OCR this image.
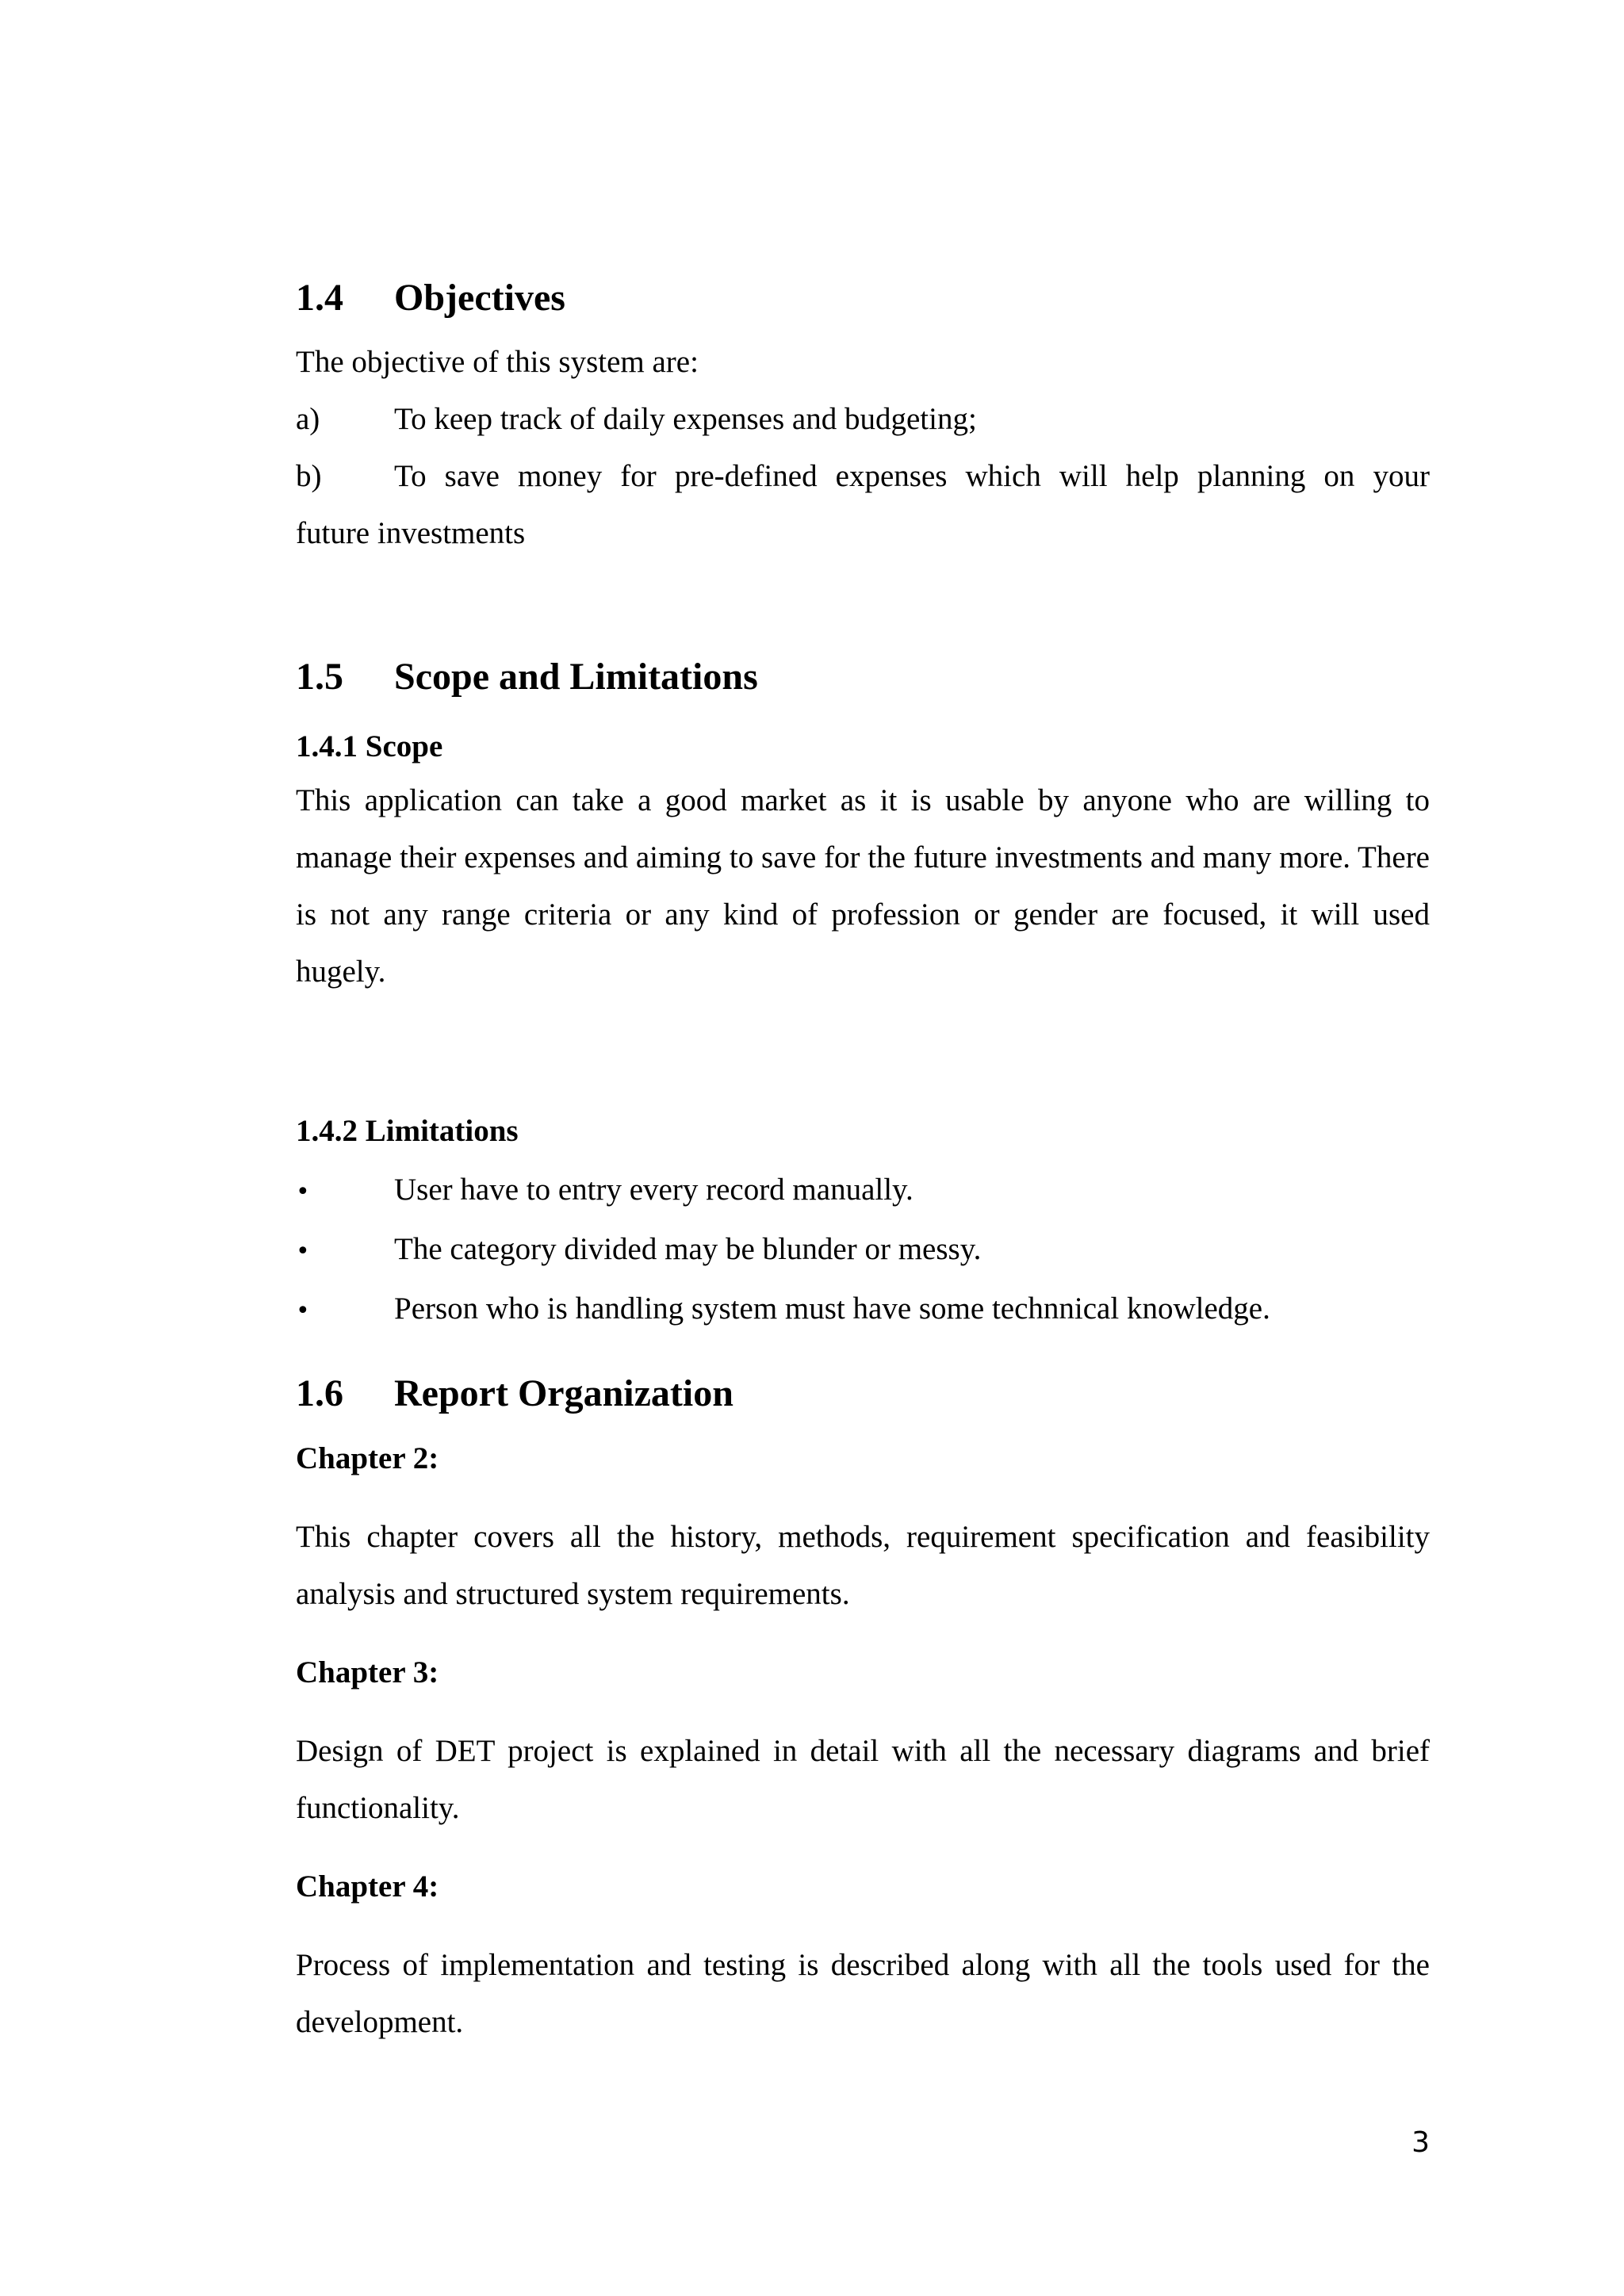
1.4 Objectives

The objective of this system are:

a) To keep track of daily expenses and budgeting;

b) To save money for pre-defined expenses which will help planning on your

future investments

1.5 Scope and Limitations
1.4.1 Scope

This application can take a good market as it is usable by anyone who are willing to manage their expenses and aiming to save for the future investments and many more. There is not any range criteria or any kind of profession or gender are focused, it will used hugely.

1.4.2 Limitations

•	User have to entry every record manually.

•	The category divided may be blunder or messy.

•	Person who is handling system must have some technnical knowledge.

1.6 Report Organization
Chapter 2:

This chapter covers all the history, methods, requirement specification and feasibility analysis and structured system requirements.

Chapter 3:

Design of DET project is explained in detail with all the necessary diagrams and brief functionality.

Chapter 4:

Process of implementation and testing is described along with all the tools used for the development.

3
